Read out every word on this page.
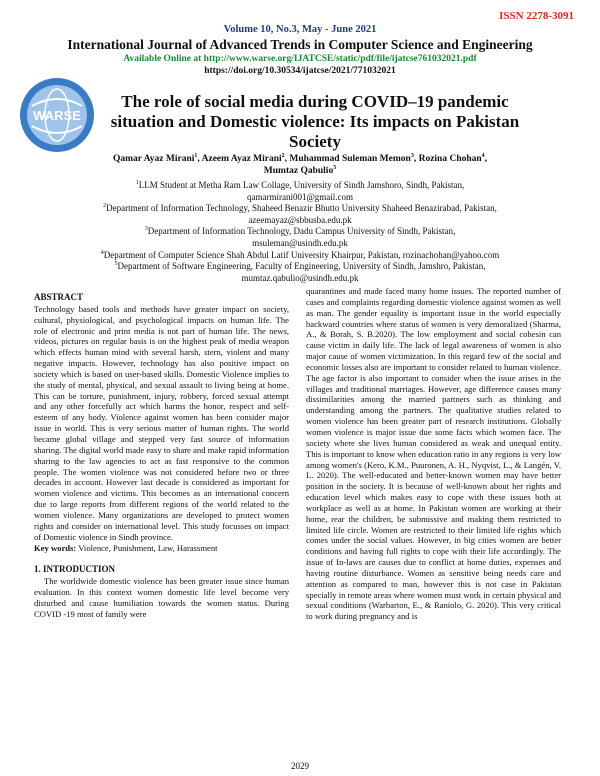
ISSN 2278-3091
Volume 10, No.3, May - June 2021
International Journal of Advanced Trends in Computer Science and Engineering
Available Online at http://www.warse.org/IJATCSE/static/pdf/file/ijatcse761032021.pdf
https://doi.org/10.30534/ijatcse/2021/771032021
WARSE
The role of social media during COVID–19 pandemic situation and Domestic violence: Its impacts on Pakistan Society
Qamar Ayaz Mirani$^1$, Azeem Ayaz Mirani$^2$, Muhammad Suleman Memon$^3$, Rozina Chohan$^4$,
Mumtaz Qabulio$^5$
$^1$LLM Student at Metha Ram Law Collage, University of Sindh Jamshoro, Sindh, Pakistan,
qamarmirani001@gmail.com
$^2$Department of Information Technology, Shaheed Benazir Bhutto University Shaheed Benazirabad, Pakistan,
azeemayaz@sbbusba.edu.pk
$^3$Department of Information Technology, Dadu Campus University of Sindh, Pakistan,
msuleman@usindh.edu.pk
$^4$Department of Computer Science Shah Abdul Latif University Khairpur, Pakistan, rozinachohan@yahoo.com
$^5$Department of Software Engineering, Faculty of Engineering, University of Sindh, Jamshro, Pakistan,
mumtaz.qabulio@usindh.edu.pk
ABSTRACT

Technology based tools and methods have greater impact on society, cultural, physiological, and psychological impacts on human life. The role of electronic and print media is not part of human life. The news, videos, pictures on regular basis is on the highest peak of media weapon which effects human mind with several harsh, stern, violent and many negative impacts. However, technology has also positive impact on society which is based on user-based skills. Domestic Violence implies to the study of mental, physical, and sexual assault to living being at home. This can be torture, punishment, injury, robbery, forced sexual attempt and any other forcefully act which harms the honor, respect and self-esteem of any body. Violence against women has been consider major issue in world. This is very serious matter of human rights. The world became global village and stepped very fast source of information sharing. The digital world made easy to share and make rapid information sharing to the law agencies to act as fast responsive to the common people. The women violence was not considered before two or three decades in account. However last decade is considered as important for women violence and victims. This becomes as an international concern due to large reports from different regions of the world related to the women violence. Many organizations are developed to protect women rights and consider on international level. This study focusses on impact of Domestic violence in Sindh province.

Key words: Violence, Punishment, Law, Harassment

1. INTRODUCTION

The worldwide domestic violence has been greater issue since human evaluation. In this context women domestic life level become very disturbed and cause humiliation towards the women status. During COVID -19 most of family were

quarantines and made faced many home issues. The reported number of cases and complaints regarding domestic violence against women as well as man. The gender equality is important issue in the world especially backward countries where status of women is very demoralized (Sharma, A., & Borah, S. B.2020). The low employment and social cohesin can cause victim in daily life. The lack of legal awareness of women is also major cause of women victimization. In this regard few of the social and economic losses also are important to consider related to human violence. The age factor is also important to consider when the issue arises in the villages and traditional marriages. However, age difference causes many dissimilarities among the married partners such as thinking and understanding among the partners. The qualitative studies related to women violence has been greater part of research institutions. Globally women violence is major issue due some facts which women face. The society where she lives human considered as weak and unequal entity. This is important to know when education ratio in any regions is very low among women's (Kero, K.M., Puuronen, A. H., Nyqvist, L., & Langén, V. L. 2020). The well-educated and better-known women may have better position in the society. It is because of well-known about her rights and education level which makes easy to cope with these issues both at workplace as well as at home. In Pakistan women are working at their home, rear the children, be submissive and making them restricted to limited life circle. Women are restricted to their limited life rights which comes under the social values. However, in big cities women are better conditions and having full rights to cope with their life accordingly. The issue of In-laws are causes due to conflict at home duties, expenses and having routine disturbance. Women as sensitive being needs care and attention as compared to man, however this is not case in Pakistan specially in remote areas where women must work in certain physical and sexual conditions (Warbarton, E., & Raniolo, G. 2020). This very critical to work during pregnancy and is

2029
